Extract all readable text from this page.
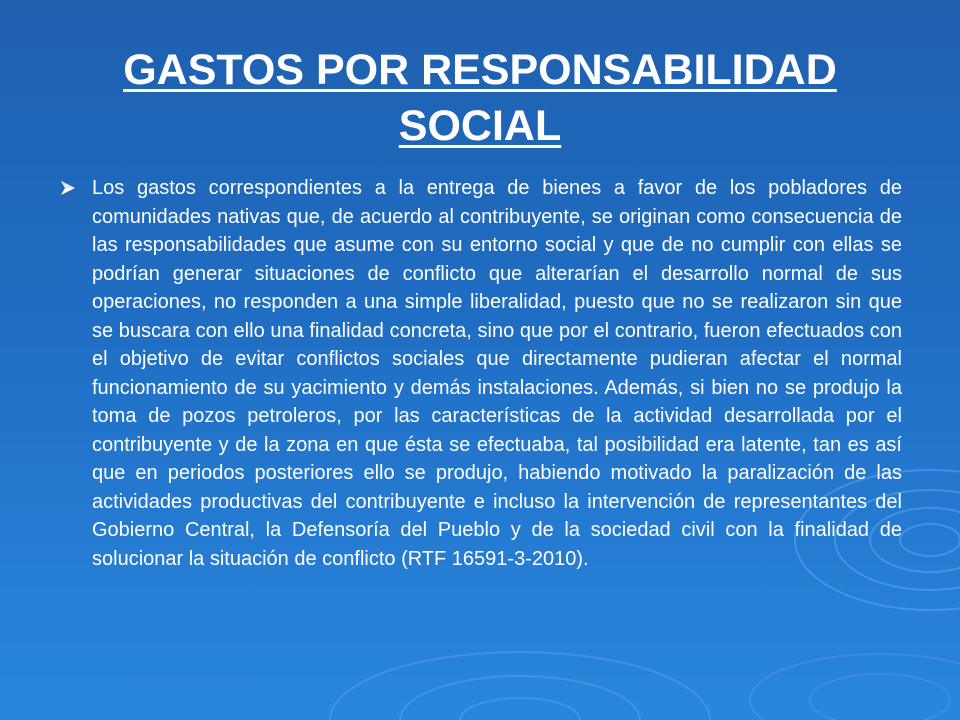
GASTOS POR RESPONSABILIDAD SOCIAL

Los gastos correspondientes a la entrega de bienes a favor de los pobladores de comunidades nativas que, de acuerdo al contribuyente, se originan como consecuencia de las responsabilidades que asume con su entorno social y que de no cumplir con ellas se podrían generar situaciones de conflicto que alterarían el desarrollo normal de sus operaciones, no responden a una simple liberalidad, puesto que no se realizaron sin que se buscara con ello una finalidad concreta, sino que por el contrario, fueron efectuados con el objetivo de evitar conflictos sociales que directamente pudieran afectar el normal funcionamiento de su yacimiento y demás instalaciones. Además, si bien no se produjo la toma de pozos petroleros, por las características de la actividad desarrollada por el contribuyente y de la zona en que ésta se efectuaba, tal posibilidad era latente, tan es así que en periodos posteriores ello se produjo, habiendo motivado la paralización de las actividades productivas del contribuyente e incluso la intervención de representantes del Gobierno Central, la Defensoría del Pueblo y de la sociedad civil con la finalidad de solucionar la situación de conflicto (RTF 16591-3-2010).
